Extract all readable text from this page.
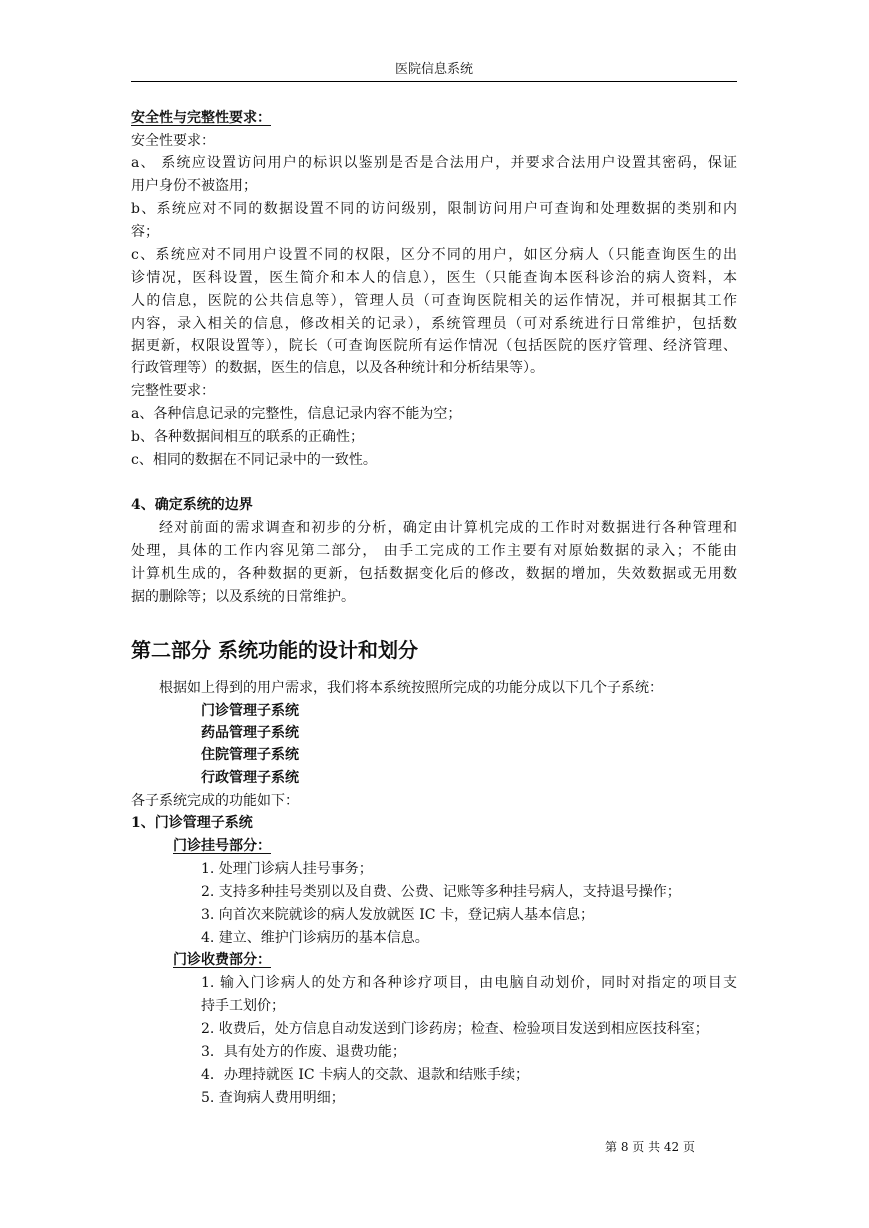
医院信息系统
安全性与完整性要求：
安全性要求：
a、 系统应设置访问用户的标识以鉴别是否是合法用户，并要求合法用户设置其密码，保证
用户身份不被盗用；
b、系统应对不同的数据设置不同的访问级别，限制访问用户可查询和处理数据的类别和内
容；
c、系统应对不同用户设置不同的权限，区分不同的用户，如区分病人（只能查询医生的出
诊情况，医科设置，医生简介和本人的信息），医生（只能查询本医科诊治的病人资料，本
人的信息，医院的公共信息等），管理人员（可查询医院相关的运作情况，并可根据其工作
内容，录入相关的信息，修改相关的记录），系统管理员（可对系统进行日常维护，包括数
据更新，权限设置等），院长（可查询医院所有运作情况（包括医院的医疗管理、经济管理、
行政管理等）的数据，医生的信息，以及各种统计和分析结果等）。
完整性要求：
a、各种信息记录的完整性，信息记录内容不能为空；
b、各种数据间相互的联系的正确性；
c、相同的数据在不同记录中的一致性。
4、确定系统的边界
经对前面的需求调查和初步的分析，确定由计算机完成的工作时对数据进行各种管理和
处理，具体的工作内容见第二部分， 由手工完成的工作主要有对原始数据的录入；不能由
计算机生成的，各种数据的更新，包括数据变化后的修改，数据的增加，失效数据或无用数
据的删除等；以及系统的日常维护。
第二部分 系统功能的设计和划分
根据如上得到的用户需求，我们将本系统按照所完成的功能分成以下几个子系统：
门诊管理子系统
药品管理子系统
住院管理子系统
行政管理子系统
各子系统完成的功能如下：
1、门诊管理子系统
门诊挂号部分：
1. 处理门诊病人挂号事务；
2. 支持多种挂号类别以及自费、公费、记账等多种挂号病人，支持退号操作；
3. 向首次来院就诊的病人发放就医 IC 卡，登记病人基本信息；
4. 建立、维护门诊病历的基本信息。
门诊收费部分：
1. 输入门诊病人的处方和各种诊疗项目，由电脑自动划价，同时对指定的项目支
持手工划价；
2. 收费后，处方信息自动发送到门诊药房；检查、检验项目发送到相应医技科室；
3．具有处方的作废、退费功能；
4．办理持就医 IC 卡病人的交款、退款和结账手续；
5. 查询病人费用明细；
第 8 页 共 42 页
